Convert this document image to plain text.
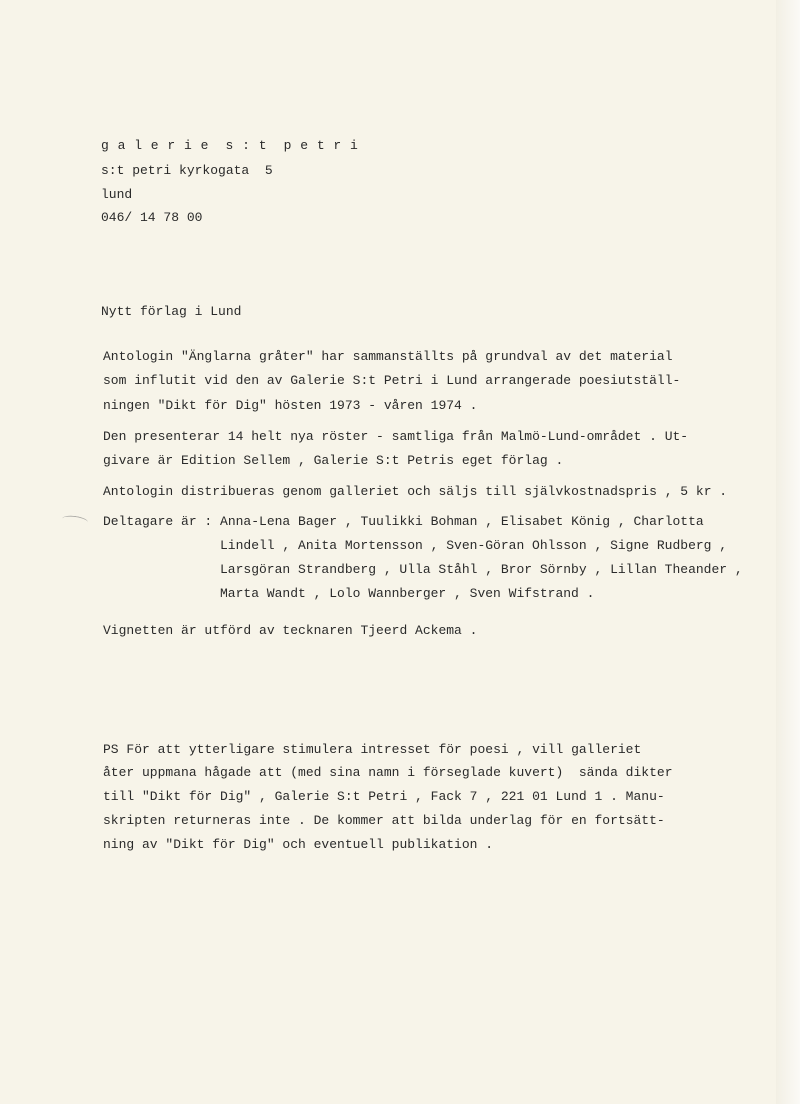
g a l e r i e  s : t  p e t r i
s:t petri kyrkogata  5
lund
046/ 14 78 00
Nytt förlag i Lund
Antologin "Änglarna gråter" har sammanställts på grundval av det material
som influtit vid den av Galerie S:t Petri i Lund arrangerade poesiutställ-
ningen "Dikt för Dig" hösten 1973 - våren 1974 .
Den presenterar 14 helt nya röster - samtliga från Malmö-Lund-området . Ut-
givare är Edition Sellem , Galerie S:t Petris eget förlag .
Antologin distribueras genom galleriet och säljs till självkostnadspris , 5 kr .
Deltagare är : Anna-Lena Bager , Tuulikki Bohman , Elisabet König , Charlotta
Lindell , Anita Mortensson , Sven-Göran Ohlsson , Signe Rudberg ,
Larsgöran Strandberg , Ulla Ståhl , Bror Sörnby , Lillan Theander ,
Marta Wandt , Lolo Wannberger , Sven Wifstrand .
Vignetten är utförd av tecknaren Tjeerd Ackema .
PS För att ytterligare stimulera intresset för poesi , vill galleriet
åter uppmana hågade att (med sina namn i förseglade kuvert)  sända dikter
till "Dikt för Dig" , Galerie S:t Petri , Fack 7 , 221 01 Lund 1 . Manu-
skripten returneras inte . De kommer att bilda underlag för en fortsätt-
ning av "Dikt för Dig" och eventuell publikation .
